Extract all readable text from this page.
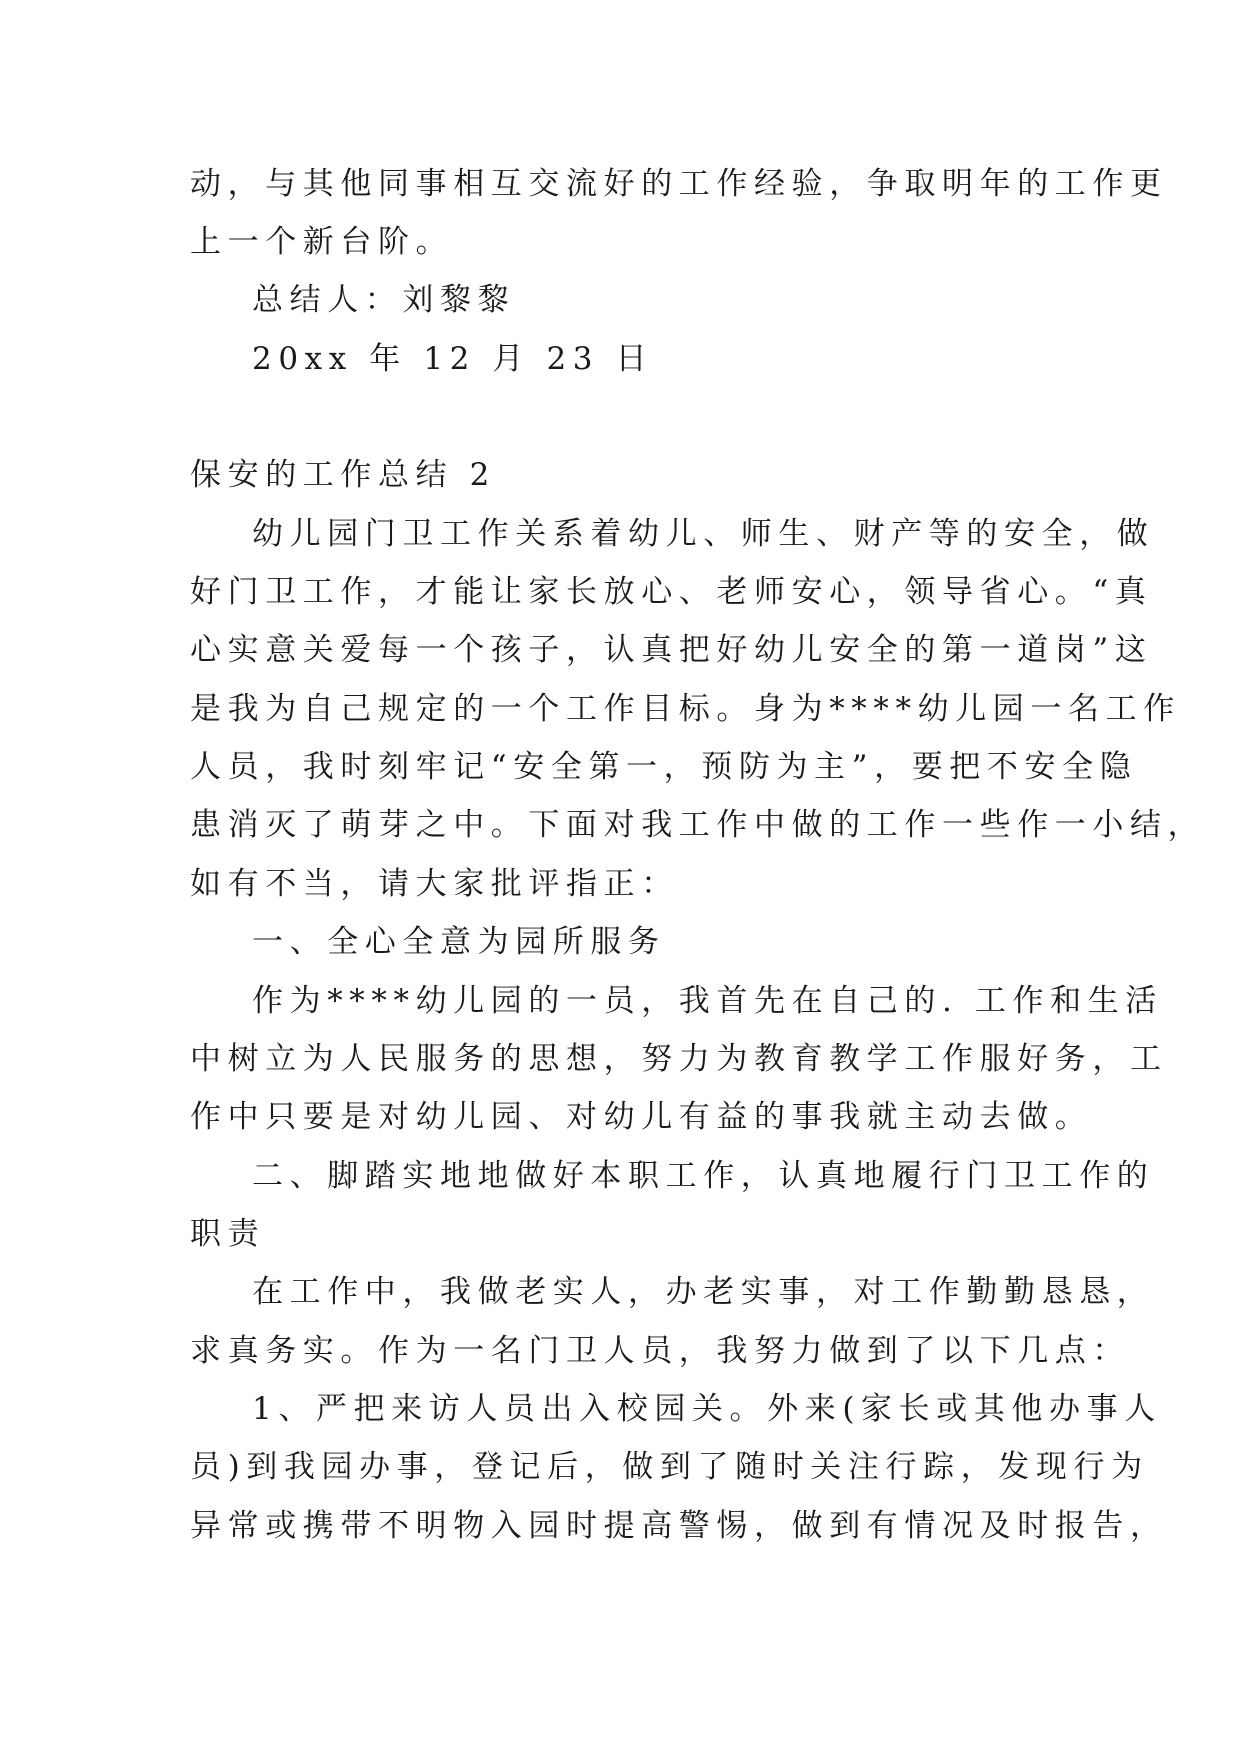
动，与其他同事相互交流好的工作经验，争取明年的工作更
上一个新台阶。
总结人：刘黎黎
20xx 年 12 月 23 日
保安的工作总结 2
幼儿园门卫工作关系着幼儿、师生、财产等的安全，做
好门卫工作，才能让家长放心、老师安心，领导省心。“真
心实意关爱每一个孩子，认真把好幼儿安全的第一道岗”这
是我为自己规定的一个工作目标。身为****幼儿园一名工作
人员，我时刻牢记“安全第一，预防为主”，要把不安全隐
患消灭了萌芽之中。下面对我工作中做的工作一些作一小结，
如有不当，请大家批评指正：
一、全心全意为园所服务
作为****幼儿园的一员，我首先在自己的. 工作和生活
中树立为人民服务的思想，努力为教育教学工作服好务，工
作中只要是对幼儿园、对幼儿有益的事我就主动去做。
二、脚踏实地地做好本职工作，认真地履行门卫工作的
职责
在工作中，我做老实人，办老实事，对工作勤勤恳恳，
求真务实。作为一名门卫人员，我努力做到了以下几点：
1、严把来访人员出入校园关。外来(家长或其他办事人
员)到我园办事，登记后，做到了随时关注行踪，发现行为
异常或携带不明物入园时提高警惕，做到有情况及时报告，
